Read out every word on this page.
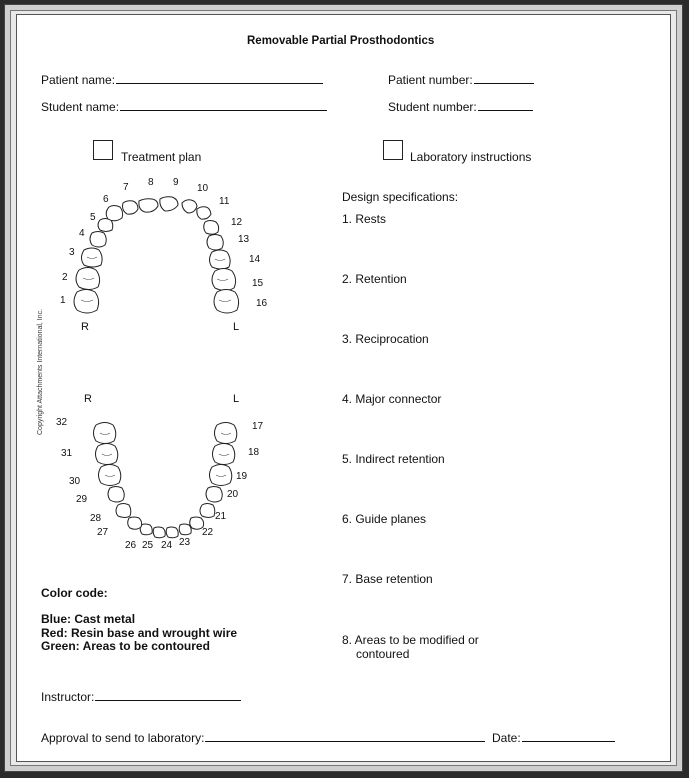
Removable Partial Prosthodontics
Patient name:	Patient number:
Student name:	Student number:
Treatment plan	Laboratory instructions
Copyright Attachments International, Inc.
1
2
3
4
5
6
7 8 9
10
11
12
13
14
15
16
17
18
19
20
21
22
23
24
25
26
27
28
29
30
31
32
R	L
R	L
Design specifications:
1. Rests
2. Retention
3. Reciprocation
4. Major connector
5. Indirect retention
6. Guide planes
7. Base retention
8. Areas to be modified or
contoured
Color code:
Blue: Cast metal
Red: Resin base and wrought wire
Green: Areas to be contoured
Instructor:
Approval to send to laboratory:	Date:
